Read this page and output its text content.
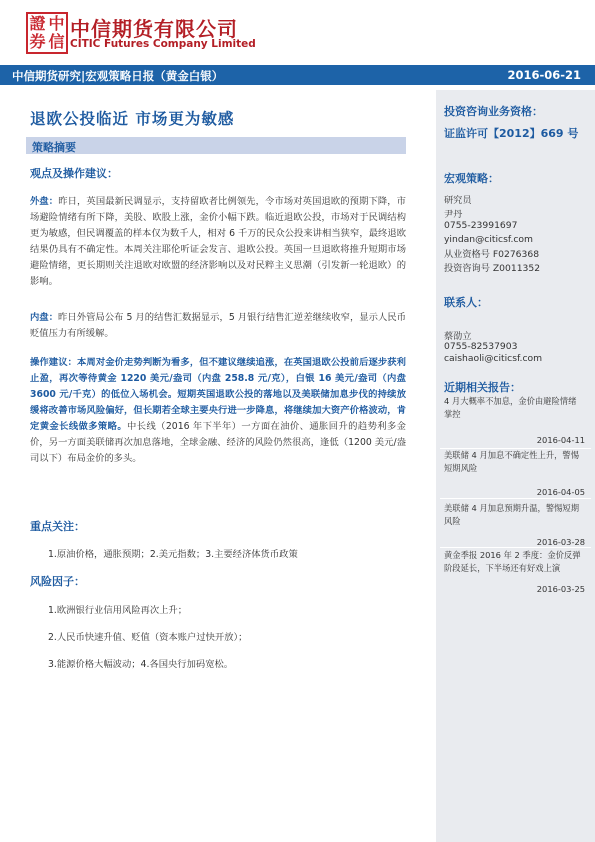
證 中
券 信
中信期货有限公司
CITIC Futures Company Limited
中信期货研究|宏观策略日报（黄金白银）	2016-06-21
退欧公投临近 市场更为敏感
策略摘要
观点及操作建议：
外盘：昨日，英国最新民调显示，支持留欧者比例领先，令市场对英国退欧的预期下降，市场避险情绪有所下降，美股、欧股上涨，金价小幅下跌。临近退欧公投，市场对于民调结构更为敏感，但民调覆盖的样本仅为数千人，相对 6 千万的民众公投来讲相当狭窄，最终退欧结果仍具有不确定性。本周关注耶伦听证会发言、退欧公投。英国一旦退欧将推升短期市场避险情绪，更长期则关注退欧对欧盟的经济影响以及对民粹主义思潮（引发新一轮退欧）的影响。
内盘：昨日外管局公布 5 月的结售汇数据显示，5 月银行结售汇逆差继续收窄，显示人民币贬值压力有所缓解。
操作建议：本周对金价走势判断为看多，但不建议继续追涨，在英国退欧公投前后逐步获利止盈，再次等待黄金 1220 美元/盎司（内盘 258.8 元/克），白银 16 美元/盎司（内盘 3600 元/千克）的低位入场机会。短期英国退欧公投的落地以及美联储加息步伐的持续放缓将改善市场风险偏好，但长期若全球主要央行进一步降息，将继续加大资产价格波动，肯定黄金长线做多策略。中长线（2016 年下半年）一方面在油价、通胀回升的趋势利多金价，另一方面美联储再次加息落地，全球金融、经济的风险仍然很高，逢低（1200 美元/盎司以下）布局金价的多头。
重点关注：
1.原油价格，通胀预期；2.美元指数；3.主要经济体货币政策
风险因子：
1.欧洲银行业信用风险再次上升；
2.人民币快速升值、贬值（资本账户过快开放）；
3.能源价格大幅波动；4.各国央行加码宽松。
投资咨询业务资格：
证监许可【2012】669 号
宏观策略：
研究员
尹丹
0755-23991697
yindan@citicsf.com
从业资格号 F0276368
投资咨询号 Z0011352
联系人：
蔡劭立
0755-82537903
caishaoli@citicsf.com
近期相关报告：
4 月大概率不加息，金价由避险情绪掌控
2016-04-11
美联储 4 月加息不确定性上升，警惕短期风险
2016-04-05
美联储 4 月加息预期升温，警惕短期风险
2016-03-28
黄金季报 2016 年 2 季度：金价反弹阶段延长，下半场还有好戏上演
2016-03-25
